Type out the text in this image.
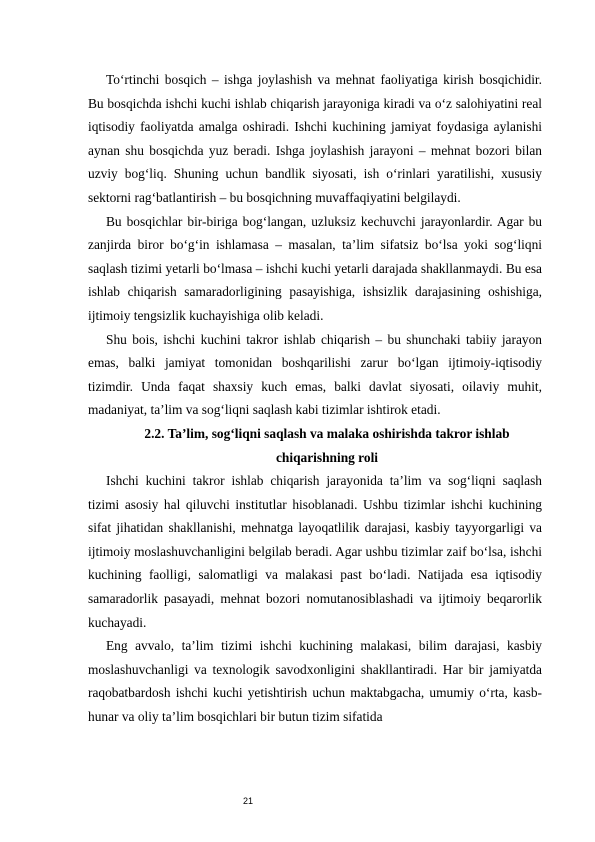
To‘rtinchi bosqich – ishga joylashish va mehnat faoliyatiga kirish bosqichidir. Bu bosqichda ishchi kuchi ishlab chiqarish jarayoniga kiradi va o‘z salohiyatini real iqtisodiy faoliyatda amalga oshiradi. Ishchi kuchining jamiyat foydasiga aylanishi aynan shu bosqichda yuz beradi. Ishga joylashish jarayoni – mehnat bozori bilan uzviy bog‘liq. Shuning uchun bandlik siyosati, ish o‘rinlari yaratilishi, xususiy sektorni rag‘batlantirish – bu bosqichning muvaffaqiyatini belgilaydi.

Bu bosqichlar bir-biriga bog‘langan, uzluksiz kechuvchi jarayonlardir. Agar bu zanjirda biror bo‘g‘in ishlamasa – masalan, ta’lim sifatsiz bo‘lsa yoki sog‘liqni saqlash tizimi yetarli bo‘lmasa – ishchi kuchi yetarli darajada shakllanmaydi. Bu esa ishlab chiqarish samaradorligining pasayishiga, ishsizlik darajasining oshishiga, ijtimoiy tengsizlik kuchayishiga olib keladi.

Shu bois, ishchi kuchini takror ishlab chiqarish – bu shunchaki tabiiy jarayon emas, balki jamiyat tomonidan boshqarilishi zarur bo‘lgan ijtimoiy-iqtisodiy tizimdir. Unda faqat shaxsiy kuch emas, balki davlat siyosati, oilaviy muhit, madaniyat, ta’lim va sog‘liqni saqlash kabi tizimlar ishtirok etadi.

2.2. Ta’lim, sog‘liqni saqlash va malaka oshirishda takror ishlab chiqarishning roli

Ishchi kuchini takror ishlab chiqarish jarayonida ta’lim va sog‘liqni saqlash tizimi asosiy hal qiluvchi institutlar hisoblanadi. Ushbu tizimlar ishchi kuchining sifat jihatidan shakllanishi, mehnatga layoqatlilik darajasi, kasbiy tayyorgarligi va ijtimoiy moslashuvchanligini belgilab beradi. Agar ushbu tizimlar zaif bo‘lsa, ishchi kuchining faolligi, salomatligi va malakasi past bo‘ladi. Natijada esa iqtisodiy samaradorlik pasayadi, mehnat bozori nomutanosiblashadi va ijtimoiy beqarorlik kuchayadi.

Eng avvalo, ta’lim tizimi ishchi kuchining malakasi, bilim darajasi, kasbiy moslashuvchanligi va texnologik savodxonligini shakllantiradi. Har bir jamiyatda raqobatbardosh ishchi kuchi yetishtirish uchun maktabgacha, umumiy o‘rta, kasb-hunar va oliy ta’lim bosqichlari bir butun tizim sifatida

21
